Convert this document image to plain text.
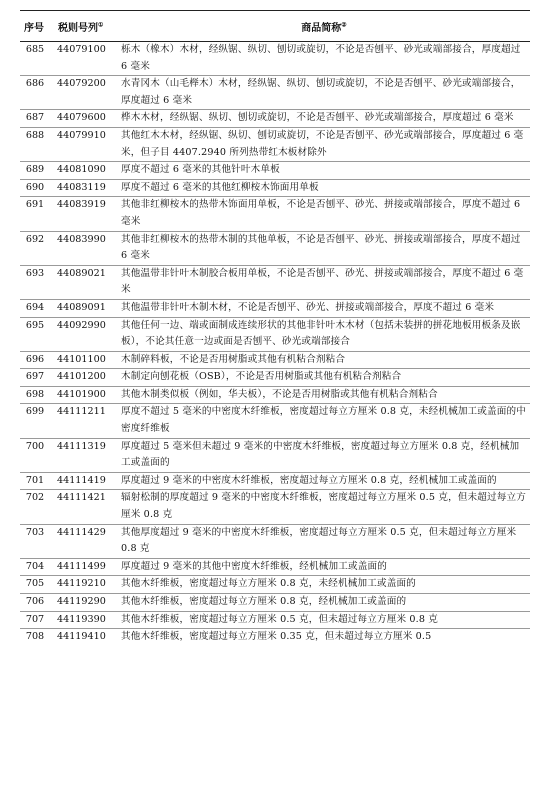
序号	税则号列①	商品简称②
685	44079100	栎木（橡木）木材，经纵锯、纵切、刨切或旋切，不论是否刨平、砂光或端部接合，厚度超过 6 毫米
686	44079200	水青冈木（山毛榉木）木材，经纵锯、纵切、刨切或旋切，不论是否刨平、砂光或端部接合，厚度超过 6 毫米
687	44079600	桦木木材，经纵锯、纵切、刨切或旋切，不论是否刨平、砂光或端部接合，厚度超过 6 毫米
688	44079910	其他红木木材，经纵锯、纵切、刨切或旋切，不论是否刨平、砂光或端部接合，厚度超过 6 毫米，但子目 4407.2940 所列热带红木板材除外
689	44081090	厚度不超过 6 毫米的其他针叶木单板
690	44083119	厚度不超过 6 毫米的其他红柳桉木饰面用单板
691	44083919	其他非红柳桉木的热带木饰面用单板，不论是否刨平、砂光、拼接或端部接合，厚度不超过 6 毫米
692	44083990	其他非红柳桉木的热带木制的其他单板，不论是否刨平、砂光、拼接或端部接合，厚度不超过 6 毫米
693	44089021	其他温带非针叶木制胶合板用单板，不论是否刨平、砂光、拼接或端部接合，厚度不超过 6 毫米
694	44089091	其他温带非针叶木制木材，不论是否刨平、砂光、拼接或端部接合，厚度不超过 6 毫米
695	44092990	其他任何一边、端或面制成连续形状的其他非针叶木木材（包括未装拼的拼花地板用板条及嵌板），不论其任意一边或面是否刨平、砂光或端部接合
696	44101100	木制碎料板，不论是否用树脂或其他有机粘合剂粘合
697	44101200	木制定向刨花板（OSB），不论是否用树脂或其他有机粘合剂粘合
698	44101900	其他木制类似板（例如，华夫板），不论是否用树脂或其他有机粘合剂粘合
699	44111211	厚度不超过 5 毫米的中密度木纤维板，密度超过每立方厘米 0.8 克，未经机械加工或盖面的中密度纤维板
700	44111319	厚度超过 5 毫米但未超过 9 毫米的中密度木纤维板，密度超过每立方厘米 0.8 克，经机械加工或盖面的
701	44111419	厚度超过 9 毫米的中密度木纤维板，密度超过每立方厘米 0.8 克，经机械加工或盖面的
702	44111421	辐射松制的厚度超过 9 毫米的中密度木纤维板，密度超过每立方厘米 0.5 克，但未超过每立方厘米 0.8 克
703	44111429	其他厚度超过 9 毫米的中密度木纤维板，密度超过每立方厘米 0.5 克，但未超过每立方厘米 0.8 克
704	44111499	厚度超过 9 毫米的其他中密度木纤维板，经机械加工或盖面的
705	44119210	其他木纤维板，密度超过每立方厘米 0.8 克，未经机械加工或盖面的
706	44119290	其他木纤维板，密度超过每立方厘米 0.8 克，经机械加工或盖面的
707	44119390	其他木纤维板，密度超过每立方厘米 0.5 克，但未超过每立方厘米 0.8 克
708	44119410	其他木纤维板，密度超过每立方厘米 0.35 克，但未超过每立方厘米 0.5
